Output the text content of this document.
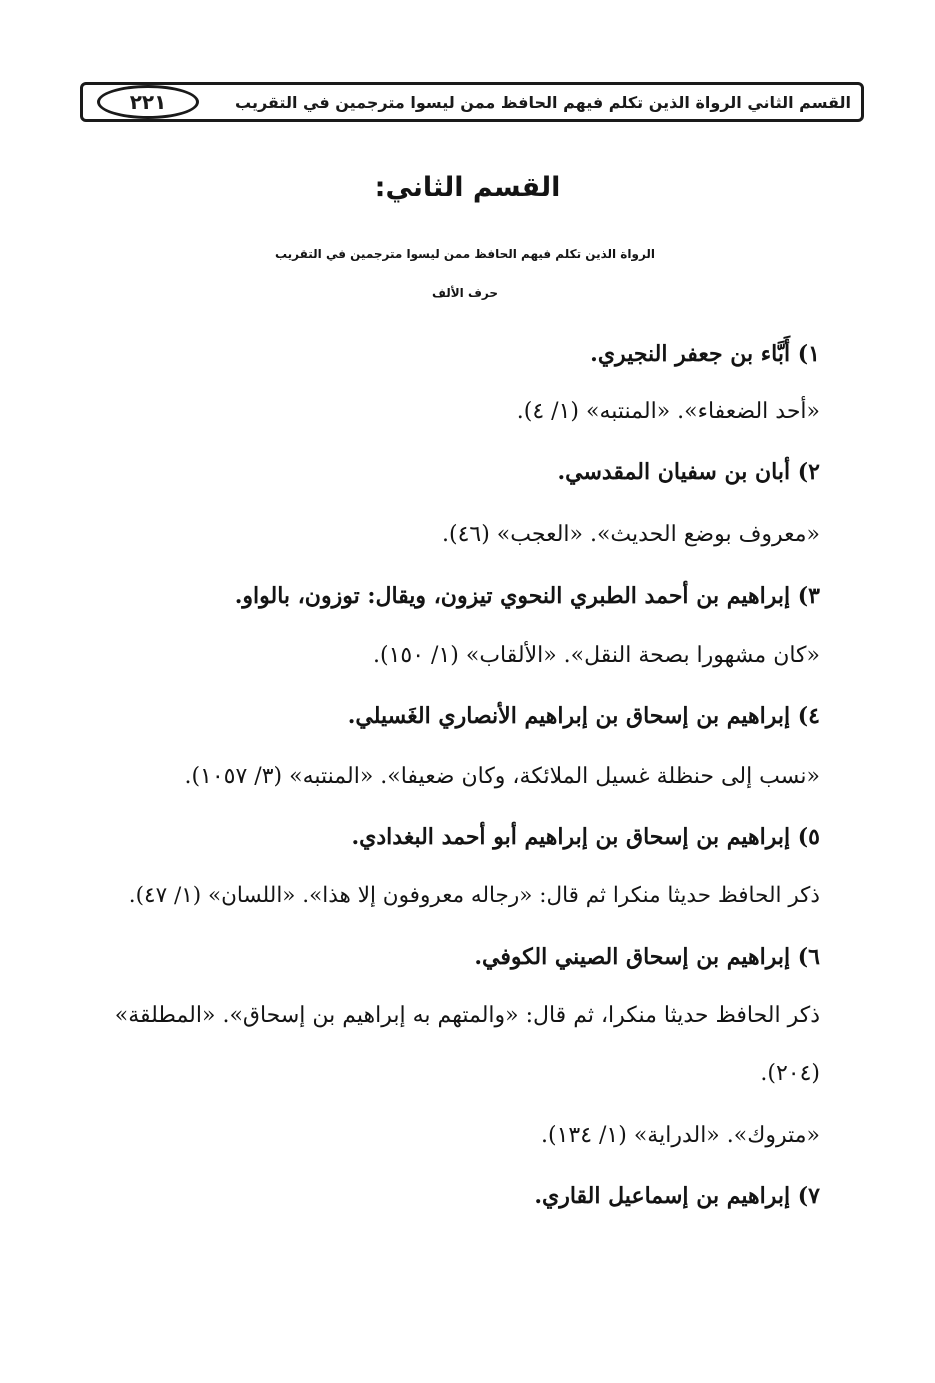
القسم الثاني الرواة الذين تكلم فيهم الحافظ ممن ليسوا مترجمين في التقريب
٢٢١
القسم الثاني:
الرواة الذين تكلم فيهم الحافظ ممن ليسوا مترجمين في التقريب
حرف الألف
١) أَبَّاء بن جعفر النجيري.
«أحد الضعفاء». «المنتبه» (١/ ٤).
٢) أبان بن سفيان المقدسي.
«معروف بوضع الحديث». «العجب» (٤٦).
٣) إبراهيم بن أحمد الطبري النحوي تيزون، ويقال: توزون، بالواو.
«كان مشهورا بصحة النقل». «الألقاب» (١/ ١٥٠).
٤) إبراهيم بن إسحاق بن إبراهيم الأنصاري الغَسيلي.
«نسب إلى حنظلة غسيل الملائكة، وكان ضعيفا». «المنتبه» (٣/ ١٠٥٧).
٥) إبراهيم بن إسحاق بن إبراهيم أبو أحمد البغدادي.
ذكر الحافظ حديثا منكرا ثم قال: «رجاله معروفون إلا هذا». «اللسان» (١/ ٤٧).
٦) إبراهيم بن إسحاق الصيني الكوفي.
ذكر الحافظ حديثا منكرا، ثم قال: «والمتهم به إبراهيم بن إسحاق». «المطلقة»
(٢٠٤).
«متروك». «الدراية» (١/ ١٣٤).
٧) إبراهيم بن إسماعيل القاري.
